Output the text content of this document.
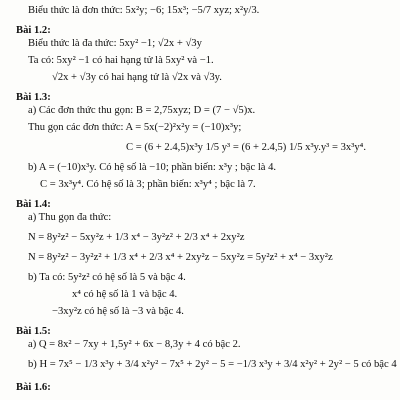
Biểu thức là đơn thức: 5x²y; −6; 15x³; −5/7 xyz; x²y/3.
Bài 1.2:
Biểu thức là đa thức: 5xy² −1; √2x + √3y
Ta có: 5xy² −1 có hai hạng tử là 5xy² và −1.
√2x + √3y có hai hạng tử là √2x và √3y.
Bài 1.3:
a) Các đơn thức thu gọn: B = 2,75xyz; D = (7 − √5)x.
Thu gọn các đơn thức: A = 5x(−2)²x²y = (−10)x³y;
C = (6 + 2.4,5)x³y 1/5 y³ = (6 + 2.4,5) 1/5 x³y.y³ = 3x³y⁴.
b) A = (−10)x³y. Có hệ số là −10; phần biến: x³y ; bậc là 4.
C = 3x³y⁴. Có hệ số là 3; phần biến: x³y⁴ ; bậc là 7.
Bài 1.4:
a) Thu gọn đa thức:
N = 8y²z² − 5xy²z + 1/3 x⁴ − 3y²z² + 2/3 x⁴ + 2xy²z
N = 8y²z² − 3y²z² + 1/3 x⁴ + 2/3 x⁴ + 2xy²z − 5xy²z = 5y²z² + x⁴ − 3xy²z
b) Ta có: 5y²z² có hệ số là 5 và bậc 4.
x⁴ có hệ số là 1 và bậc 4.
−3xy²z có hệ số là −3 và bậc 4.
Bài 1.5:
a) Q = 8x² − 7xy + 1,5y² + 6x − 8,3y + 4 có bậc 2.
b) H = 7x⁵ − 1/3 x³y + 3/4 x²y² − 7x⁵ + 2y² − 5 = −1/3 x³y + 3/4 x²y² + 2y² − 5 có bậc 4
Bài 1.6:
